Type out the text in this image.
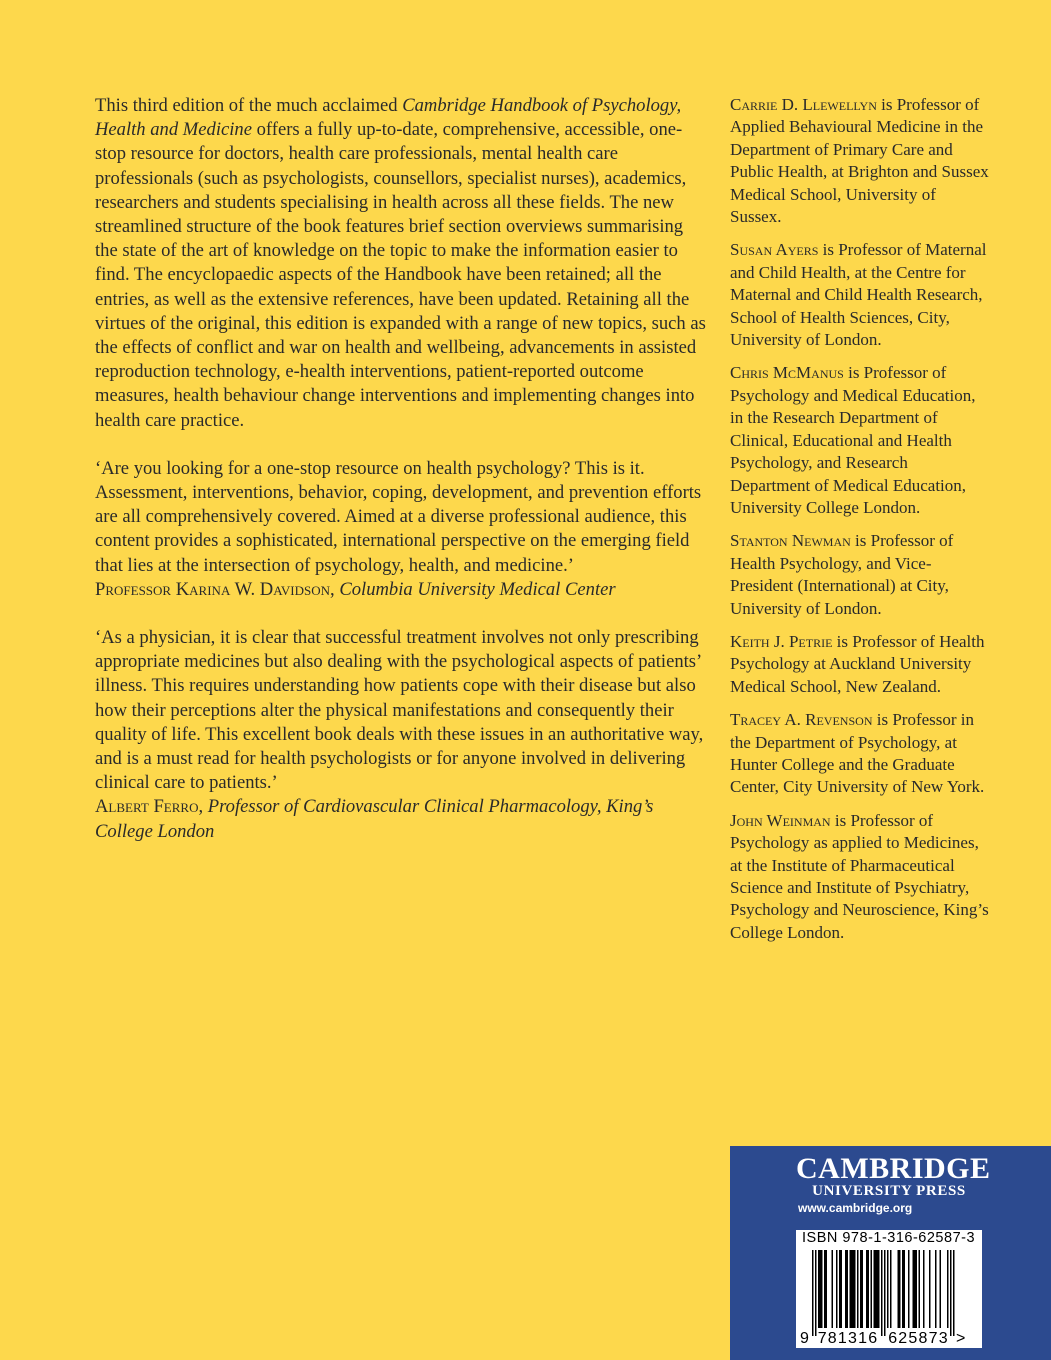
This third edition of the much acclaimed Cambridge Handbook of Psychology, Health and Medicine offers a fully up-to-date, comprehensive, accessible, one-stop resource for doctors, health care professionals, mental health care professionals (such as psychologists, counsellors, specialist nurses), academics, researchers and students specialising in health across all these fields. The new streamlined structure of the book features brief section overviews summarising the state of the art of knowledge on the topic to make the information easier to find. The encyclopaedic aspects of the Handbook have been retained; all the entries, as well as the extensive references, have been updated. Retaining all the virtues of the original, this edition is expanded with a range of new topics, such as the effects of conflict and war on health and wellbeing, advancements in assisted reproduction technology, e-health interventions, patient-reported outcome measures, health behaviour change interventions and implementing changes into health care practice.

‘Are you looking for a one-stop resource on health psychology? This is it. Assessment, interventions, behavior, coping, development, and prevention efforts are all comprehensively covered. Aimed at a diverse professional audience, this content provides a sophisticated, international perspective on the emerging field that lies at the intersection of psychology, health, and medicine.’

Professor Karina W. Davidson, Columbia University Medical Center

‘As a physician, it is clear that successful treatment involves not only prescribing appropriate medicines but also dealing with the psychological aspects of patients’ illness. This requires understanding how patients cope with their disease but also how their perceptions alter the physical manifestations and consequently their quality of life. This excellent book deals with these issues in an authoritative way, and is a must read for health psychologists or for anyone involved in delivering clinical care to patients.’

Albert Ferro, Professor of Cardiovascular Clinical Pharmacology, King’s College London

Carrie D. Llewellyn is Professor of Applied Behavioural Medicine in the Department of Primary Care and Public Health, at Brighton and Sussex Medical School, University of Sussex.

Susan Ayers is Professor of Maternal and Child Health, at the Centre for Maternal and Child Health Research, School of Health Sciences, City, University of London.

Chris McManus is Professor of Psychology and Medical Education, in the Research Department of Clinical, Educational and Health Psychology, and Research Department of Medical Education, University College London.

Stanton Newman is Professor of Health Psychology, and Vice-President (International) at City, University of London.

Keith J. Petrie is Professor of Health Psychology at Auckland University Medical School, New Zealand.

Tracey A. Revenson is Professor in the Department of Psychology, at Hunter College and the Graduate Center, City University of New York.

John Weinman is Professor of Psychology as applied to Medicines, at the Institute of Pharmaceutical Science and Institute of Psychiatry, Psychology and Neuroscience, King’s College London.

CAMBRIDGE
UNIVERSITY PRESS
www.cambridge.org
ISBN 978-1-316-62587-3
9 781316 625873 >
